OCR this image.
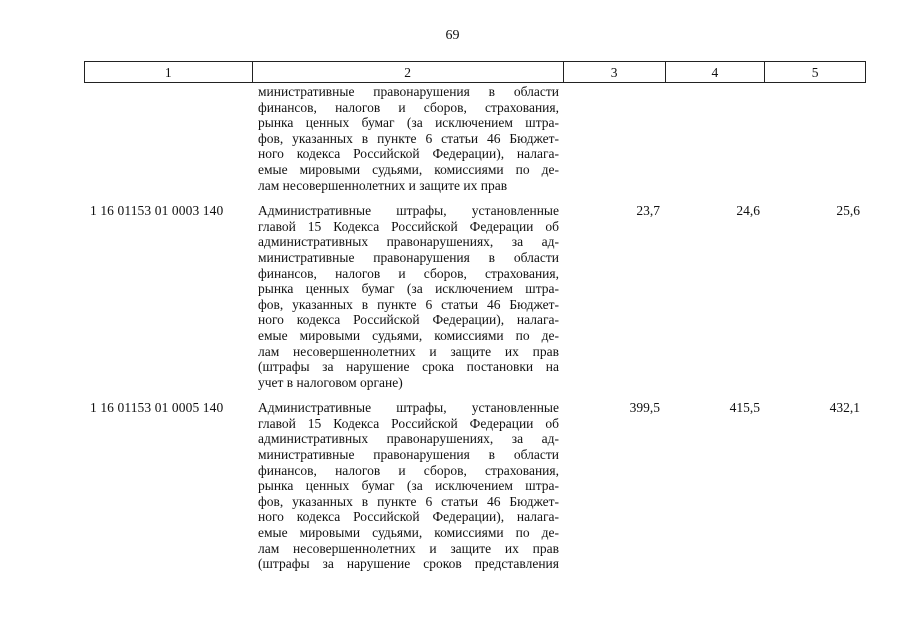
69
1	2	3	4	5
министративные правонарушения в области
финансов, налогов и сборов, страхования,
рынка ценных бумаг (за исключением штра-
фов, указанных в пункте 6 статьи 46 Бюджет-
ного кодекса Российской Федерации), налага-
емые мировыми судьями, комиссиями по де-
лам несовершеннолетних и защите их прав
1 16 01153 01 0003 140	Административные штрафы, установленные
главой 15 Кодекса Российской Федерации об
административных правонарушениях, за ад-
министративные правонарушения в области
финансов, налогов и сборов, страхования,
рынка ценных бумаг (за исключением штра-
фов, указанных в пункте 6 статьи 46 Бюджет-
ного кодекса Российской Федерации), налага-
емые мировыми судьями, комиссиями по де-
лам несовершеннолетних и защите их прав
(штрафы за нарушение срока постановки на
учет в налоговом органе)
23,7	24,6	25,6
1 16 01153 01 0005 140	Административные штрафы, установленные
главой 15 Кодекса Российской Федерации об
административных правонарушениях, за ад-
министративные правонарушения в области
финансов, налогов и сборов, страхования,
рынка ценных бумаг (за исключением штра-
фов, указанных в пункте 6 статьи 46 Бюджет-
ного кодекса Российской Федерации), налага-
емые мировыми судьями, комиссиями по де-
лам несовершеннолетних и защите их прав
(штрафы за нарушение сроков представления
399,5	415,5	432,1
